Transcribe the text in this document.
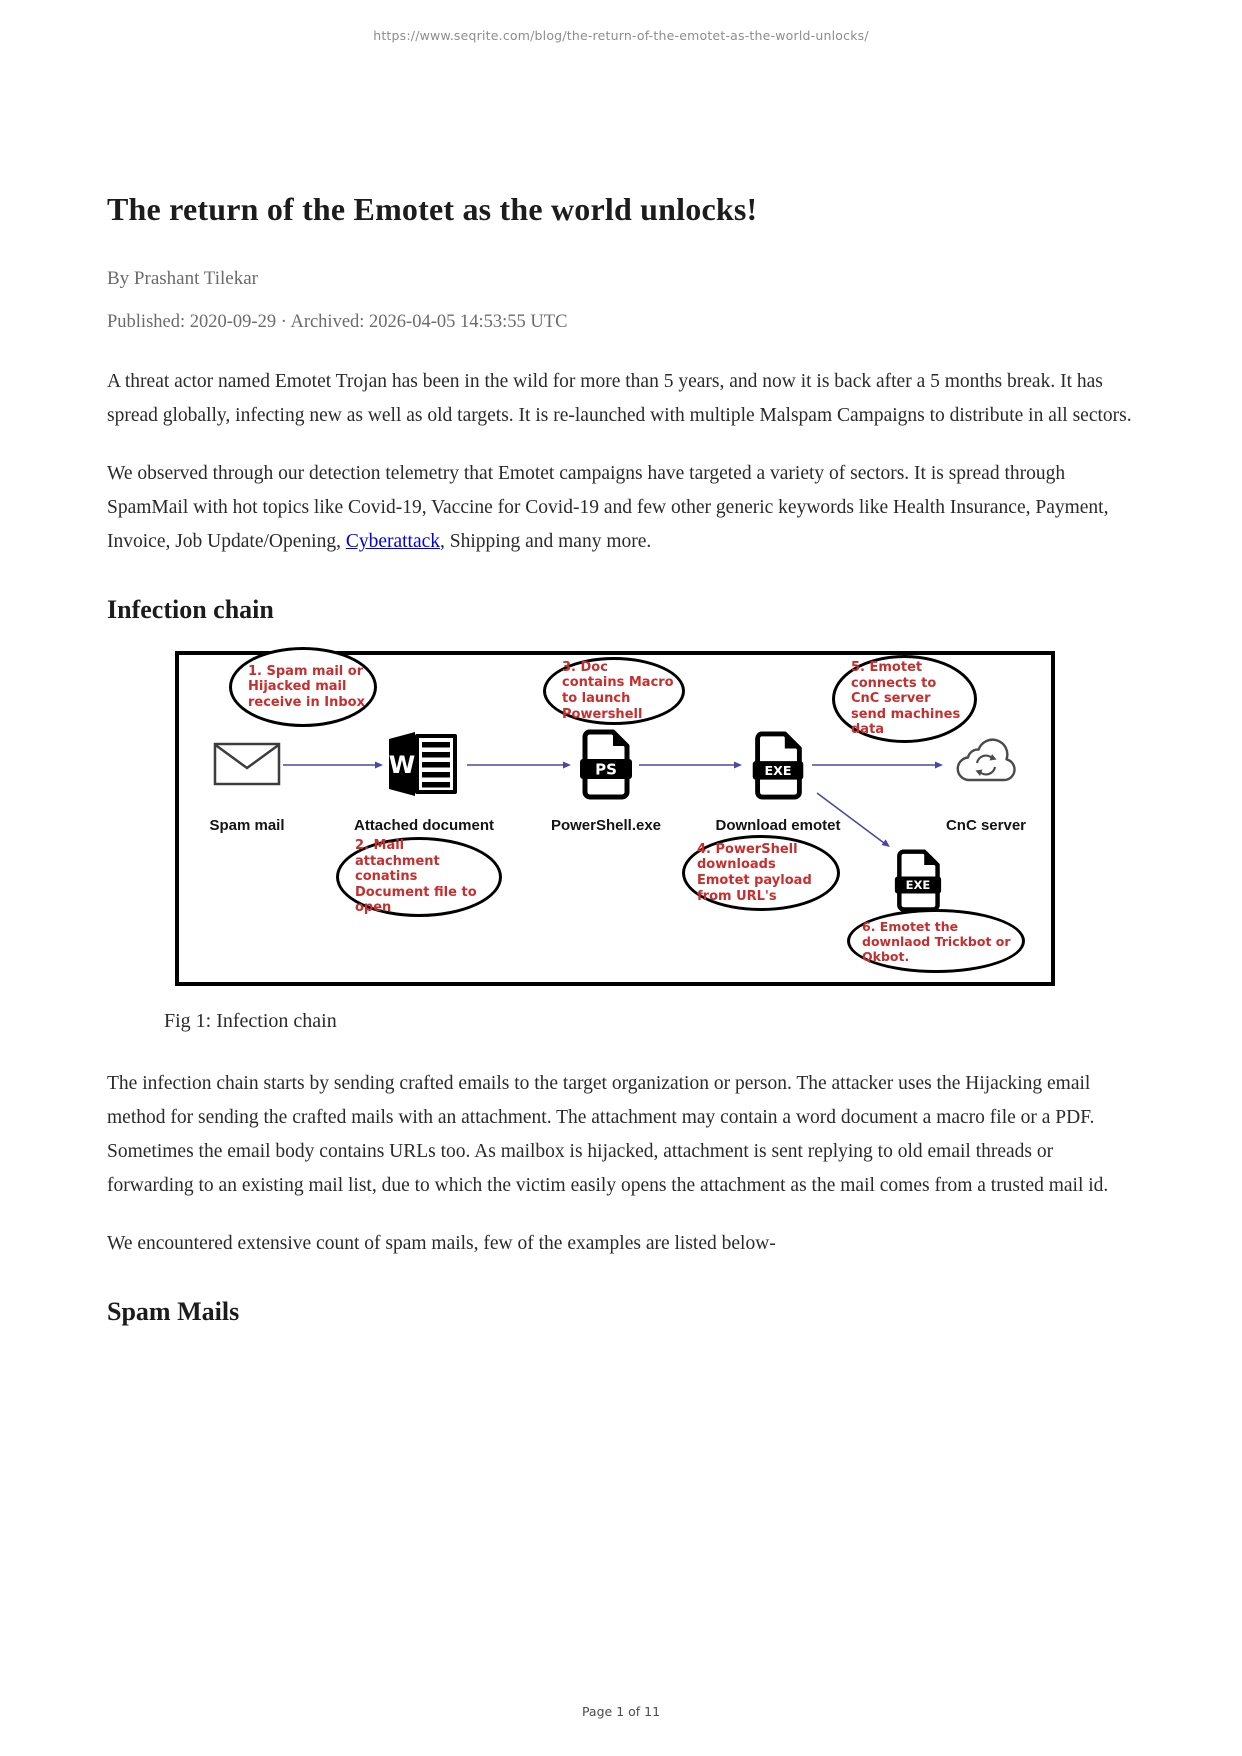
https://www.seqrite.com/blog/the-return-of-the-emotet-as-the-world-unlocks/
The return of the Emotet as the world unlocks!
By Prashant Tilekar
Published: 2020-09-29 · Archived: 2026-04-05 14:53:55 UTC

A threat actor named Emotet Trojan has been in the wild for more than 5 years, and now it is back after a 5 months break. It has spread globally, infecting new as well as old targets. It is re-launched with multiple Malspam Campaigns to distribute in all sectors.

We observed through our detection telemetry that Emotet campaigns have targeted a variety of sectors. It is spread through SpamMail with hot topics like Covid-19, Vaccine for Covid-19 and few other generic keywords like Health Insurance, Payment, Invoice, Job Update/Opening, Cyberattack, Shipping and many more.

Infection chain
W	PS	EXE
EXE
Spam mail	Attached document	PowerShell.exe	Download emotet	CnC server
1. Spam mail or Hijacked mail receive in Inbox
3. Doc contains Macro to launch Powershell
5. Emotet connects to CnC server send machines data
2. Mail attachment conatins Document file to open
4. PowerShell downloads Emotet payload from URL's
6. Emotet the downlaod Trickbot or Qkbot.
Fig 1: Infection chain

The infection chain starts by sending crafted emails to the target organization or person. The attacker uses the Hijacking email method for sending the crafted mails with an attachment. The attachment may contain a word document a macro file or a PDF. Sometimes the email body contains URLs too. As mailbox is hijacked, attachment is sent replying to old email threads or forwarding to an existing mail list, due to which the victim easily opens the attachment as the mail comes from a trusted mail id.

We encountered extensive count of spam mails, few of the examples are listed below-

Spam Mails
Page 1 of 11
